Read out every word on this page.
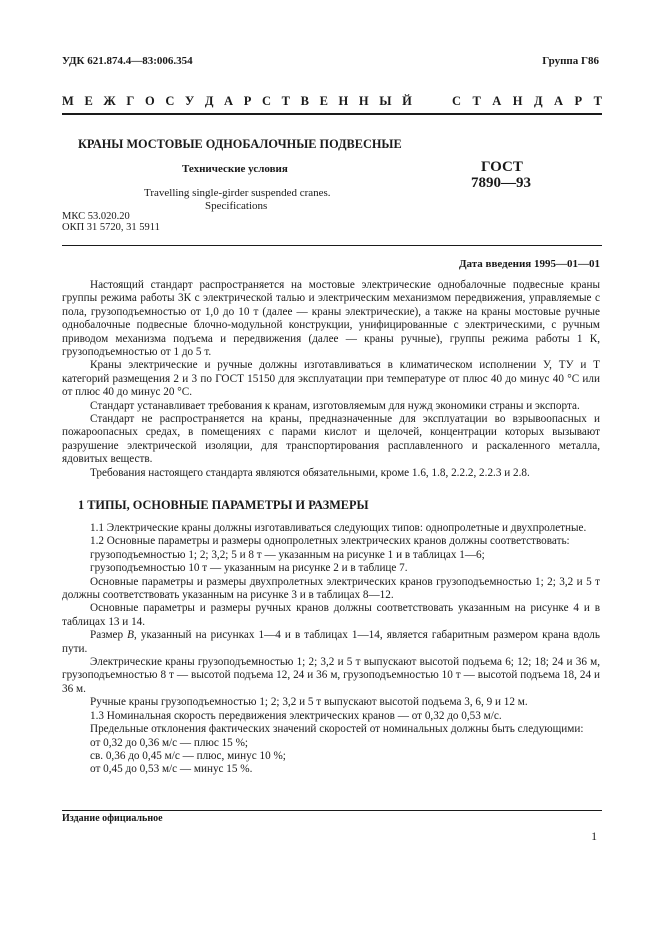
УДК 621.874.4—83:006.354	Группа Г86
М Е Ж Г О С У Д А Р С Т В Е Н Н Ы Й	С Т А Н Д А Р Т
КРАНЫ МОСТОВЫЕ ОДНОБАЛОЧНЫЕ ПОДВЕСНЫЕ
Технические условия
Travelling single-girder suspended cranes.
Specifications
МКС 53.020.20
ОКП 31 5720, 31 5911
ГОСТ
7890—93
Дата введения 1995—01—01

Настоящий стандарт распространяется на мостовые электрические однобалочные подвесные краны группы режима работы 3К с электрической талью и электрическим механизмом передвижения, управляемые с пола, грузоподъемностью от 1,0 до 10 т (далее — краны электрические), а также на краны мостовые ручные однобалочные подвесные блочно-модульной конструкции, унифицированные с электрическими, с ручным приводом механизма подъема и передвижения (далее — краны ручные), группы режима работы 1 К, грузоподъемностью от 1 до 5 т.

Краны электрические и ручные должны изготавливаться в климатическом исполнении У, ТУ и Т категорий размещения 2 и 3 по ГОСТ 15150 для эксплуатации при температуре от плюс 40 до минус 40 °С или от плюс 40 до минус 20 °С.

Стандарт устанавливает требования к кранам, изготовляемым для нужд экономики страны и экспорта.

Стандарт не распространяется на краны, предназначенные для эксплуатации во взрывоопасных и пожароопасных средах, в помещениях с парами кислот и щелочей, концентрации которых вызывают разрушение электрической изоляции, для транспортирования расплавленного и раскаленного металла, ядовитых веществ.

Требования настоящего стандарта являются обязательными, кроме 1.6, 1.8, 2.2.2, 2.2.3 и 2.8.

1 ТИПЫ, ОСНОВНЫЕ ПАРАМЕТРЫ И РАЗМЕРЫ

1.1 Электрические краны должны изготавливаться следующих типов: однопролетные и двухпролетные.

1.2 Основные параметры и размеры однопролетных электрических кранов должны соответствовать:

грузоподъемностью 1; 2; 3,2; 5 и 8 т — указанным на рисунке 1 и в таблицах 1—6;

грузоподъемностью 10 т — указанным на рисунке 2 и в таблице 7.

Основные параметры и размеры двухпролетных электрических кранов грузоподъемностью 1; 2; 3,2 и 5 т должны соответствовать указанным на рисунке 3 и в таблицах 8—12.

Основные параметры и размеры ручных кранов должны соответствовать указанным на рисунке 4 и в таблицах 13 и 14.

Размер B, указанный на рисунках 1—4 и в таблицах 1—14, является габаритным размером крана вдоль пути.

Электрические краны грузоподъемностью 1; 2; 3,2 и 5 т выпускают высотой подъема 6; 12; 18; 24 и 36 м, грузоподъемностью 8 т — высотой подъема 12, 24 и 36 м, грузоподъемностью 10 т — высотой подъема 18, 24 и 36 м.

Ручные краны грузоподъемностью 1; 2; 3,2 и 5 т выпускают высотой подъема 3, 6, 9 и 12 м.

1.3 Номинальная скорость передвижения электрических кранов — от 0,32 до 0,53 м/с.

Предельные отклонения фактических значений скоростей от номинальных должны быть следующими:

от 0,32 до 0,36 м/с — плюс 15 %;

св. 0,36 до 0,45 м/с — плюс, минус 10 %;

от 0,45 до 0,53 м/с — минус 15 %.

Издание официальное
1
